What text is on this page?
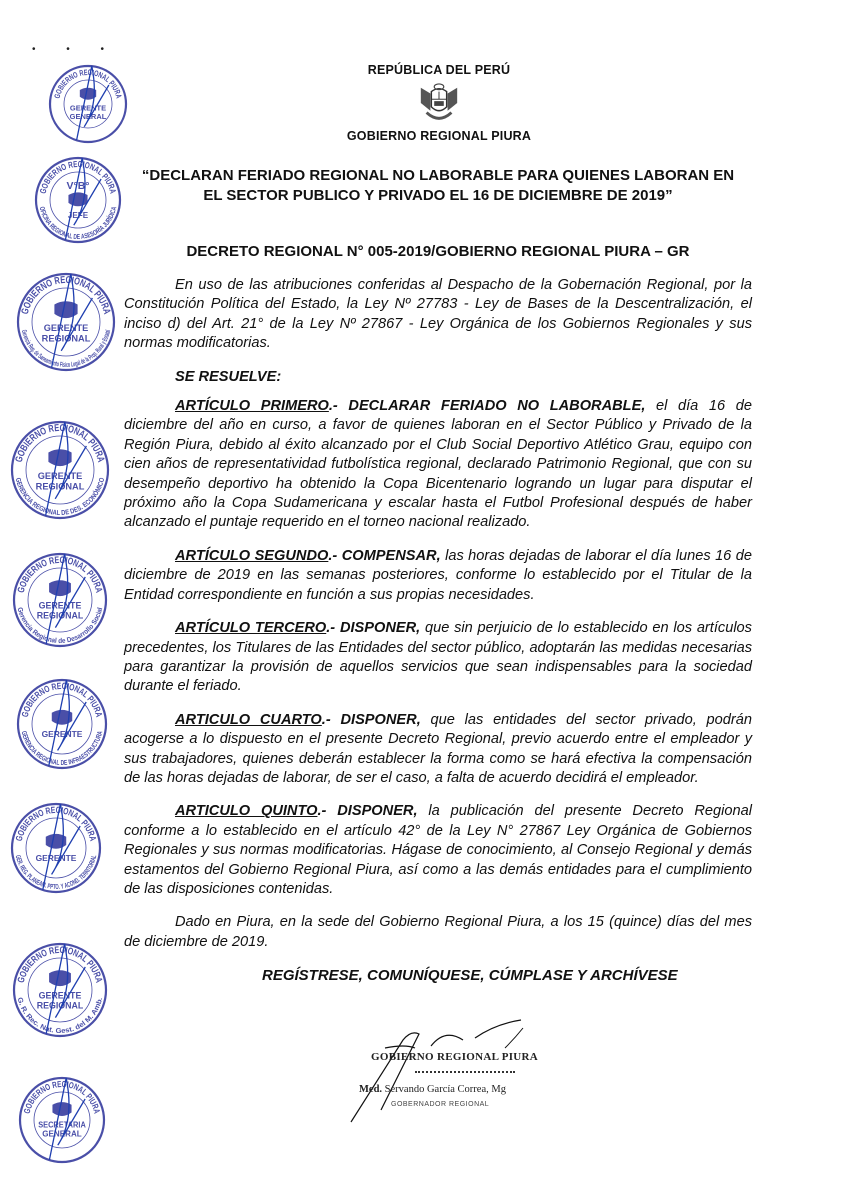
• • •
REPÚBLICA DEL PERÚ
GOBIERNO REGIONAL PIURA
“DECLARAN FERIADO REGIONAL NO LABORABLE PARA QUIENES LABORAN EN
EL SECTOR PUBLICO Y PRIVADO EL 16 DE DICIEMBRE DE 2019”
DECRETO REGIONAL N° 005-2019/GOBIERNO REGIONAL PIURA – GR

En uso de las atribuciones conferidas al Despacho de la Gobernación Regional, por la Constitución Política del Estado, la Ley Nº 27783 - Ley de Bases de la Descentralización, el inciso d) del Art. 21° de la Ley Nº 27867 - Ley Orgánica de los Gobiernos Regionales y sus normas modificatorias.

SE RESUELVE:

ARTÍCULO PRIMERO.- DECLARAR FERIADO NO LABORABLE, el día 16 de diciembre del año en curso, a favor de quienes laboran en el Sector Público y Privado de la Región Piura, debido al éxito alcanzado por el Club Social Deportivo Atlético Grau, equipo con cien años de representatividad futbolística regional, declarado Patrimonio Regional, que con su desempeño deportivo ha obtenido la Copa Bicentenario logrando un lugar para disputar el próximo año la Copa Sudamericana y escalar hasta el Futbol Profesional después de haber alcanzado el puntaje requerido en el torneo nacional realizado.

ARTÍCULO SEGUNDO.- COMPENSAR, las horas dejadas de laborar el día lunes 16 de diciembre de 2019 en las semanas posteriores, conforme lo establecido por el Titular de la Entidad correspondiente en función a sus propias necesidades.

ARTÍCULO TERCERO.- DISPONER, que sin perjuicio de lo establecido en los artículos precedentes, los Titulares de las Entidades del sector público, adoptarán las medidas necesarias para garantizar la provisión de aquellos servicios que sean indispensables para la sociedad durante el feriado.

ARTICULO CUARTO.- DISPONER, que las entidades del sector privado, podrán acogerse a lo dispuesto en el presente Decreto Regional, previo acuerdo entre el empleador y sus trabajadores, quienes deberán establecer la forma como se hará efectiva la compensación de las horas dejadas de laborar, de ser el caso, a falta de acuerdo decidirá el empleador.

ARTICULO QUINTO.- DISPONER, la publicación del presente Decreto Regional conforme a lo establecido en el artículo 42° de la Ley N° 27867 Ley Orgánica de Gobiernos Regionales y sus normas modificatorias. Hágase de conocimiento, al Consejo Regional y demás estamentos del Gobierno Regional Piura, así como a las demás entidades para el cumplimiento de las disposiciones contenidas.

Dado en Piura, en la sede del Gobierno Regional Piura, a los 15 (quince) días del mes de diciembre de 2019.

REGÍSTRESE, COMUNÍQUESE, CÚMPLASE Y ARCHÍVESE
GOBIERNO REGIONAL PIURA
Med. Servando García Correa, Mg
GOBERNADOR REGIONAL
GOBIERNO REGIONAL PIURA
GERENTE
GENERAL
GOBIERNO REGIONAL PIURA
OFICINA REGIONAL DE ASESORÍA JURÍDICA
V°B°
JEFE
GOBIERNO REGIONAL PIURA
Gerencia Reg. de Saneamiento Físico Legal de la Prop. Rural y Estatal
GERENTE
REGIONAL
GOBIERNO REGIONAL PIURA
GERENCIA REGIONAL DE DES. ECONÓMICO
GERENTE
REGIONAL
GOBIERNO REGIONAL PIURA
Gerencia Regional de Desarrollo Social
GERENTE
REGIONAL
GOBIERNO REGIONAL PIURA
GERENCIA REGIONAL DE INFRAESTRUCTURA
GERENTE
GOBIERNO REGIONAL PIURA
GER. REG. PLANEAM. PPTO. Y ACOND. TERRITORIAL
GERENTE
GOBIERNO REGIONAL PIURA
G. R. Rec. Nat. Gest. del M. Amb.
GERENTE
REGIONAL
GOBIERNO REGIONAL PIURA
SECRETARIA
GENERAL
